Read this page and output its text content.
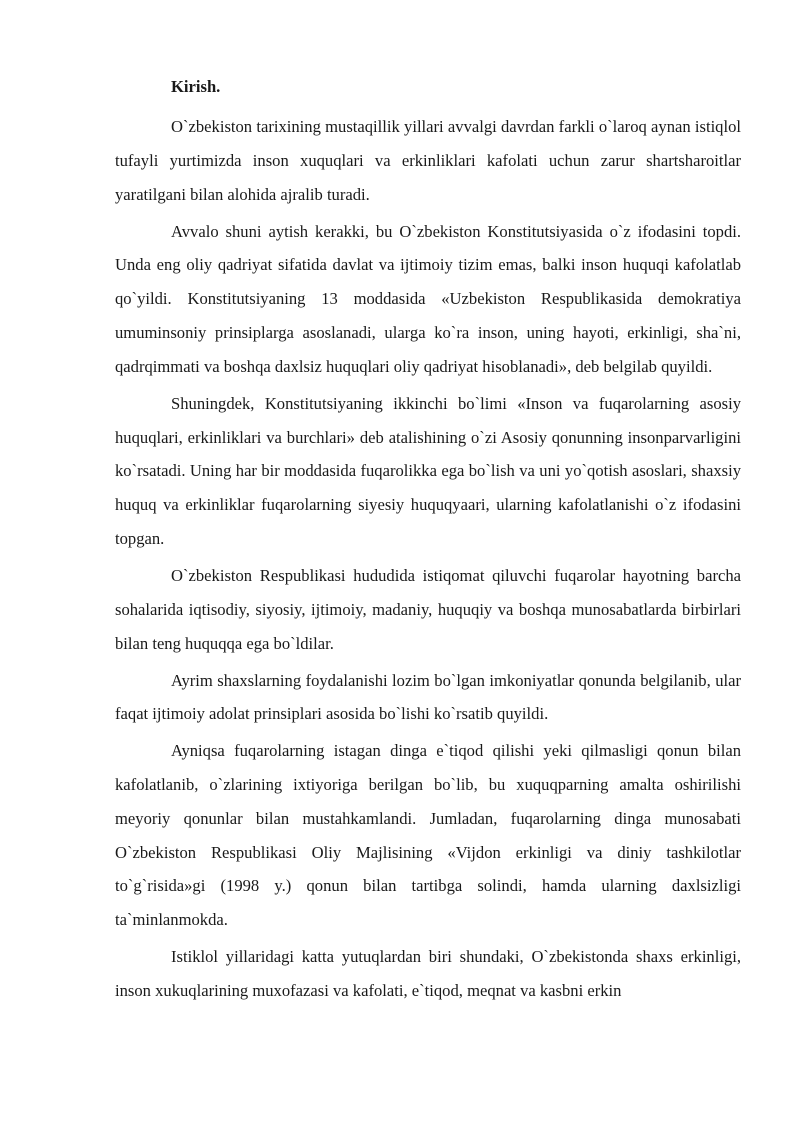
Kirish.

O`zbekiston tarixining mustaqillik yillari avvalgi davrdan farkli o`laroq aynan istiqlol tufayli yurtimizda inson xuquqlari va erkinliklari kafolati uchun zarur shartsharoitlar yaratilgani bilan alohida ajralib turadi.

Avvalo shuni aytish kerakki, bu O`zbekiston Konstitutsiyasida o`z ifodasini topdi. Unda eng oliy qadriyat sifatida davlat va ijtimoiy tizim emas, balki inson huquqi kafolatlab qo`yildi. Konstitutsiyaning 13 moddasida «Uzbekiston Respublikasida demokratiya umuminsoniy prinsiplarga asoslanadi, ularga ko`ra inson, uning hayoti, erkinligi, sha`ni, qadrqimmati va boshqa daxlsiz huquqlari oliy qadriyat hisoblanadi», deb belgilab quyildi.

Shuningdek, Konstitutsiyaning ikkinchi bo`limi «Inson va fuqarolarning asosiy huquqlari, erkinliklari va burchlari» deb atalishining o`zi Asosiy qonunning insonparvarligini ko`rsatadi. Uning har bir moddasida fuqarolikka ega bo`lish va uni yo`qotish asoslari, shaxsiy huquq va erkinliklar fuqarolarning siyesiy huquqyaari, ularning kafolatlanishi o`z ifodasini topgan.

O`zbekiston Respublikasi hududida istiqomat qiluvchi fuqarolar hayotning barcha sohalarida iqtisodiy, siyosiy, ijtimoiy, madaniy, huquqiy va boshqa munosabatlarda birbirlari bilan teng huquqqa ega bo`ldilar.

Ayrim shaxslarning foydalanishi lozim bo`lgan imkoniyatlar qonunda belgilanib, ular faqat ijtimoiy adolat prinsiplari asosida bo`lishi ko`rsatib quyildi.

Ayniqsa fuqarolarning istagan dinga e`tiqod qilishi yeki qilmasligi qonun bilan kafolatlanib, o`zlarining ixtiyoriga berilgan bo`lib, bu xuquqparning amalta oshirilishi meyoriy qonunlar bilan mustahkamlandi. Jumladan, fuqarolarning dinga munosabati O`zbekiston Respublikasi Oliy Majlisining «Vijdon erkinligi va diniy tashkilotlar to`g`risida»gi (1998 y.) qonun bilan tartibga solindi, hamda ularning daxlsizligi ta`minlanmokda.

Istiklol yillaridagi katta yutuqlardan biri shundaki, O`zbekistonda shaxs erkinligi, inson xukuqlarining muxofazasi va kafolati, e`tiqod, meqnat va kasbni erkin
